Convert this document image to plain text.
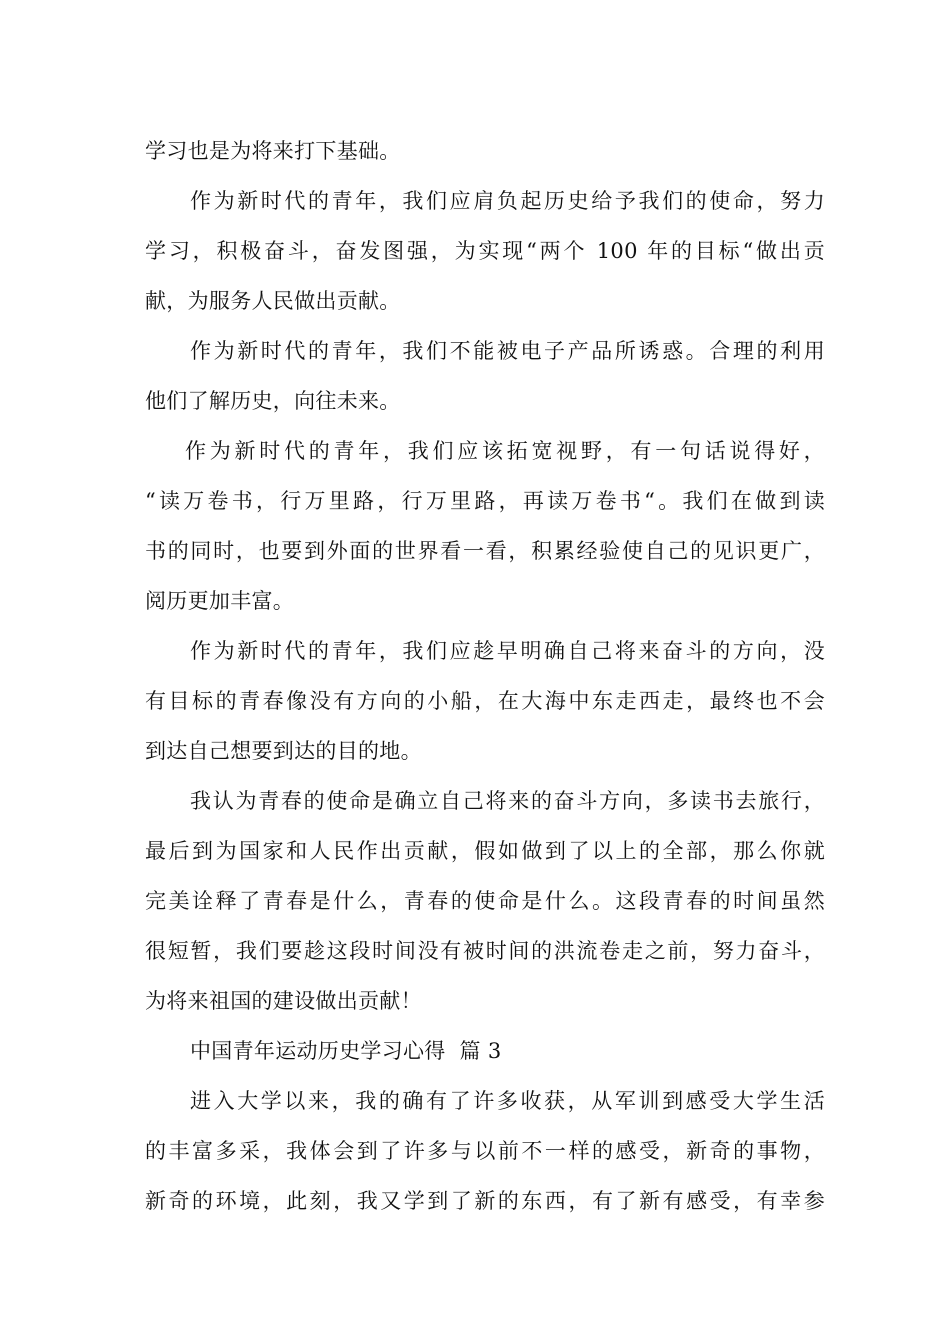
学习也是为将来打下基础。
作为新时代的青年，我们应肩负起历史给予我们的使命，努力
学习，积极奋斗，奋发图强，为实现“两个 100 年的目标“做出贡
献，为服务人民做出贡献。
作为新时代的青年，我们不能被电子产品所诱惑。合理的利用
他们了解历史，向往未来。
作为新时代的青年，我们应该拓宽视野，有一句话说得好，
“读万卷书，行万里路，行万里路，再读万卷书“。我们在做到读
书的同时，也要到外面的世界看一看，积累经验使自己的见识更广，
阅历更加丰富。
作为新时代的青年，我们应趁早明确自己将来奋斗的方向，没
有目标的青春像没有方向的小船，在大海中东走西走，最终也不会
到达自己想要到达的目的地。
我认为青春的使命是确立自己将来的奋斗方向，多读书去旅行，
最后到为国家和人民作出贡献，假如做到了以上的全部，那么你就
完美诠释了青春是什么，青春的使命是什么。这段青春的时间虽然
很短暂，我们要趁这段时间没有被时间的洪流卷走之前，努力奋斗，
为将来祖国的建设做出贡献！
中国青年运动历史学习心得  篇 3
进入大学以来，我的确有了许多收获，从军训到感受大学生活
的丰富多采，我体会到了许多与以前不一样的感受，新奇的事物，
新奇的环境，此刻，我又学到了新的东西，有了新有感受，有幸参
